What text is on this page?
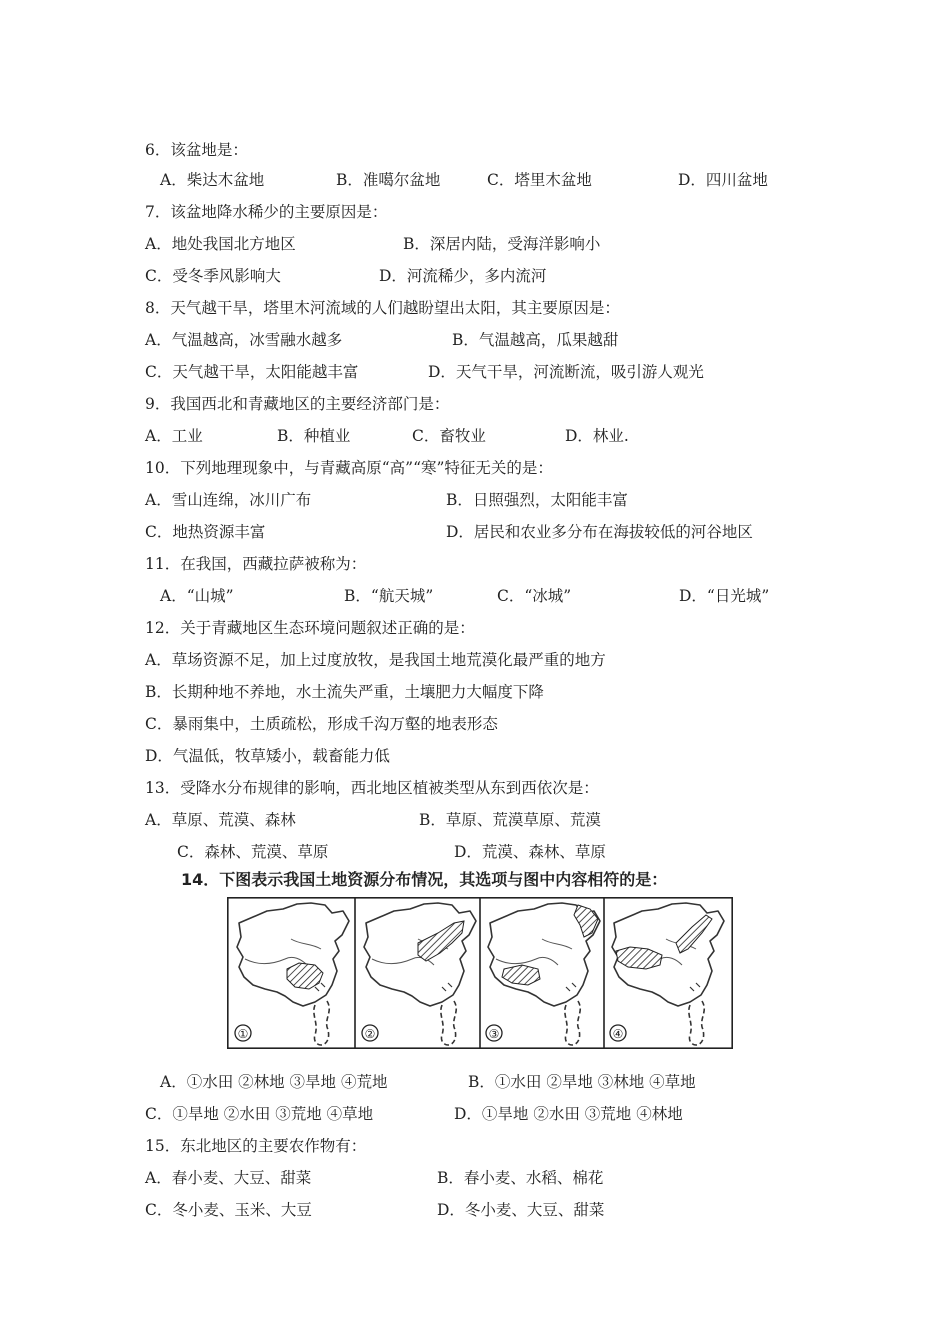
6．该盆地是：
A．柴达木盆地	B．准噶尔盆地	C．塔里木盆地	D．四川盆地
7．该盆地降水稀少的主要原因是：
A．地处我国北方地区	B．深居内陆，受海洋影响小
C．受冬季风影响大	D．河流稀少，多内流河
8．天气越干旱，塔里木河流域的人们越盼望出太阳，其主要原因是：
A．气温越高，冰雪融水越多	B．气温越高，瓜果越甜
C．天气越干旱，太阳能越丰富	D．天气干旱，河流断流，吸引游人观光
9．我国西北和青藏地区的主要经济部门是：
A．工业	B．种植业	C．畜牧业	D．林业.
10．下列地理现象中，与青藏高原“高”“寒”特征无关的是：
A．雪山连绵，冰川广布	B．日照强烈，太阳能丰富
C．地热资源丰富	D．居民和农业多分布在海拔较低的河谷地区
11．在我国，西藏拉萨被称为：
A．“山城”	B．“航天城”	C．“冰城”	D．“日光城”
12．关于青藏地区生态环境问题叙述正确的是：
A．草场资源不足，加上过度放牧，是我国土地荒漠化最严重的地方
B．长期种地不养地，水土流失严重，土壤肥力大幅度下降
C．暴雨集中，土质疏松，形成千沟万壑的地表形态
D．气温低，牧草矮小，载畜能力低
13．受降水分布规律的影响，西北地区植被类型从东到西依次是：
A．草原、荒漠、森林	B．草原、荒漠草原、荒漠
C．森林、荒漠、草原	D．荒漠、森林、草原
14．下图表示我国土地资源分布情况，其选项与图中内容相符的是：
①	②	③	④
A．①水田 ②林地 ③旱地 ④荒地	B．①水田 ②旱地 ③林地 ④草地
C．①旱地 ②水田 ③荒地 ④草地	D．①旱地 ②水田 ③荒地 ④林地
15．东北地区的主要农作物有：
A．春小麦、大豆、甜菜	B．春小麦、水稻、棉花
C．冬小麦、玉米、大豆	D．冬小麦、大豆、甜菜
